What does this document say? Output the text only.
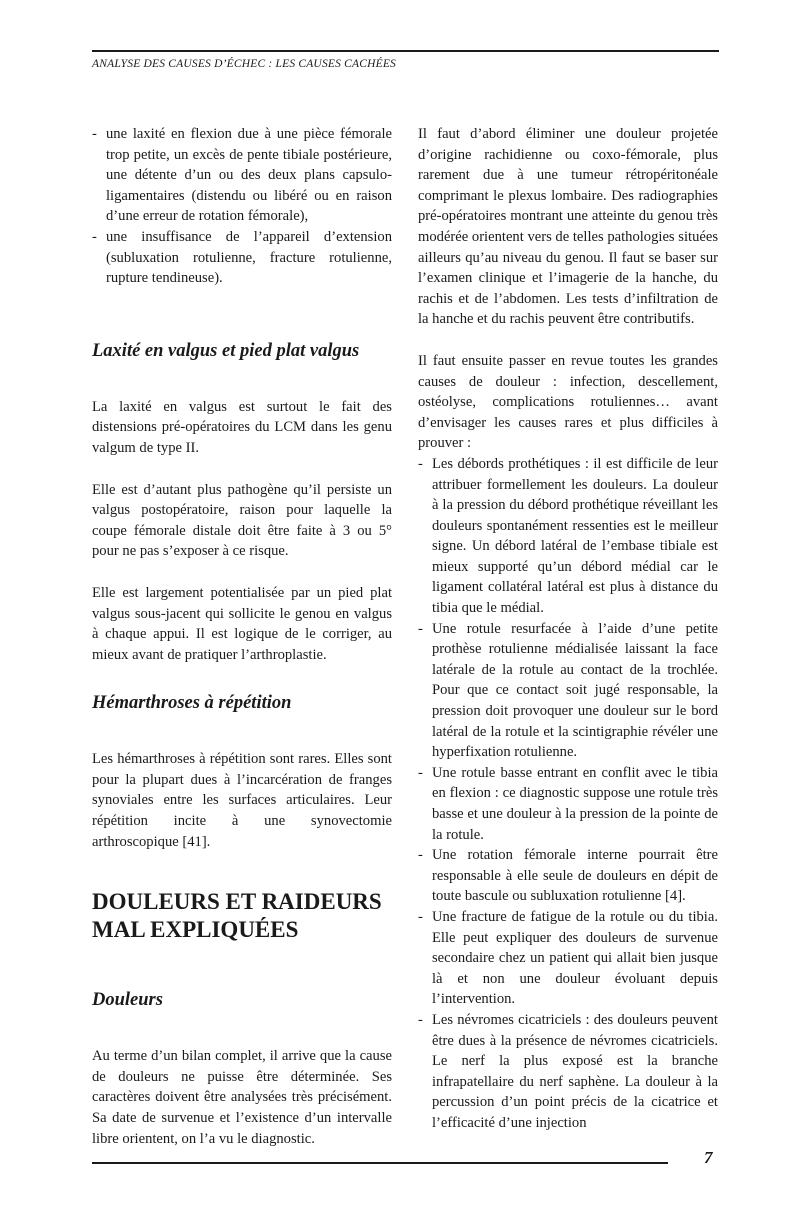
ANALYSE DES CAUSES D’ÉCHEC : LES CAUSES CACHÉES
- une laxité en flexion due à une pièce fémorale trop petite, un excès de pente tibiale postérieure, une détente d’un ou des deux plans capsulo-ligamentaires (distendu ou libéré ou en raison d’une erreur de rotation fémorale),
- une insuffisance de l’appareil d’extension (subluxation rotulienne, fracture rotulienne, rupture tendineuse).
Laxité en valgus et pied plat valgus

La laxité en valgus est surtout le fait des distensions pré-opératoires du LCM dans les genu valgum de type II.

Elle est d’autant plus pathogène qu’il persiste un valgus postopératoire, raison pour laquelle la coupe fémorale distale doit être faite à 3 ou 5° pour ne pas s’exposer à ce risque.

Elle est largement potentialisée par un pied plat valgus sous-jacent qui sollicite le genou en valgus à chaque appui. Il est logique de le corriger, au mieux avant de pratiquer l’arthroplastie.

Hémarthroses à répétition

Les hémarthroses à répétition sont rares. Elles sont pour la plupart dues à l’incarcération de franges synoviales entre les surfaces articulaires. Leur répétition incite à une synovectomie arthroscopique [41].

DOULEURS ET RAIDEURS MAL EXPLIQUÉES
Douleurs

Au terme d’un bilan complet, il arrive que la cause de douleurs ne puisse être déterminée. Ses caractères doivent être analysées très précisément. Sa date de survenue et l’existence d’un intervalle libre orientent, on l’a vu le diagnostic.

Il faut d’abord éliminer une douleur projetée d’origine rachidienne ou coxo-fémorale, plus rarement due à une tumeur rétropéritonéale comprimant le plexus lombaire. Des radiographies pré-opératoires montrant une atteinte du genou très modérée orientent vers de telles pathologies situées ailleurs qu’au niveau du genou. Il faut se baser sur l’examen clinique et l’imagerie de la hanche, du rachis et de l’abdomen. Les tests d’infiltration de la hanche et du rachis peuvent être contributifs.

Il faut ensuite passer en revue toutes les grandes causes de douleur : infection, descellement, ostéolyse, complications rotuliennes… avant d’envisager les causes rares et plus difficiles à prouver :

- Les débords prothétiques : il est difficile de leur attribuer formellement les douleurs. La douleur à la pression du débord prothétique réveillant les douleurs spontanément ressenties est le meilleur signe. Un débord latéral de l’embase tibiale est mieux supporté qu’un débord médial car le ligament collatéral latéral est plus à distance du tibia que le médial.
- Une rotule resurfacée à l’aide d’une petite prothèse rotulienne médialisée laissant la face latérale de la rotule au contact de la trochlée. Pour que ce contact soit jugé responsable, la pression doit provoquer une douleur sur le bord latéral de la rotule et la scintigraphie révéler une hyperfixation rotulienne.
- Une rotule basse entrant en conflit avec le tibia en flexion : ce diagnostic suppose une rotule très basse et une douleur à la pression de la pointe de la rotule.
- Une rotation fémorale interne pourrait être responsable à elle seule de douleurs en dépit de toute bascule ou subluxation rotulienne [4].
- Une fracture de fatigue de la rotule ou du tibia. Elle peut expliquer des douleurs de survenue secondaire chez un patient qui allait bien jusque là et non une douleur évoluant depuis l’intervention.
- Les névromes cicatriciels : des douleurs peuvent être dues à la présence de névromes cicatriciels. Le nerf la plus exposé est la branche infrapatellaire du nerf saphène. La douleur à la percussion d’un point précis de la cicatrice et l’efficacité d’une injection
7
